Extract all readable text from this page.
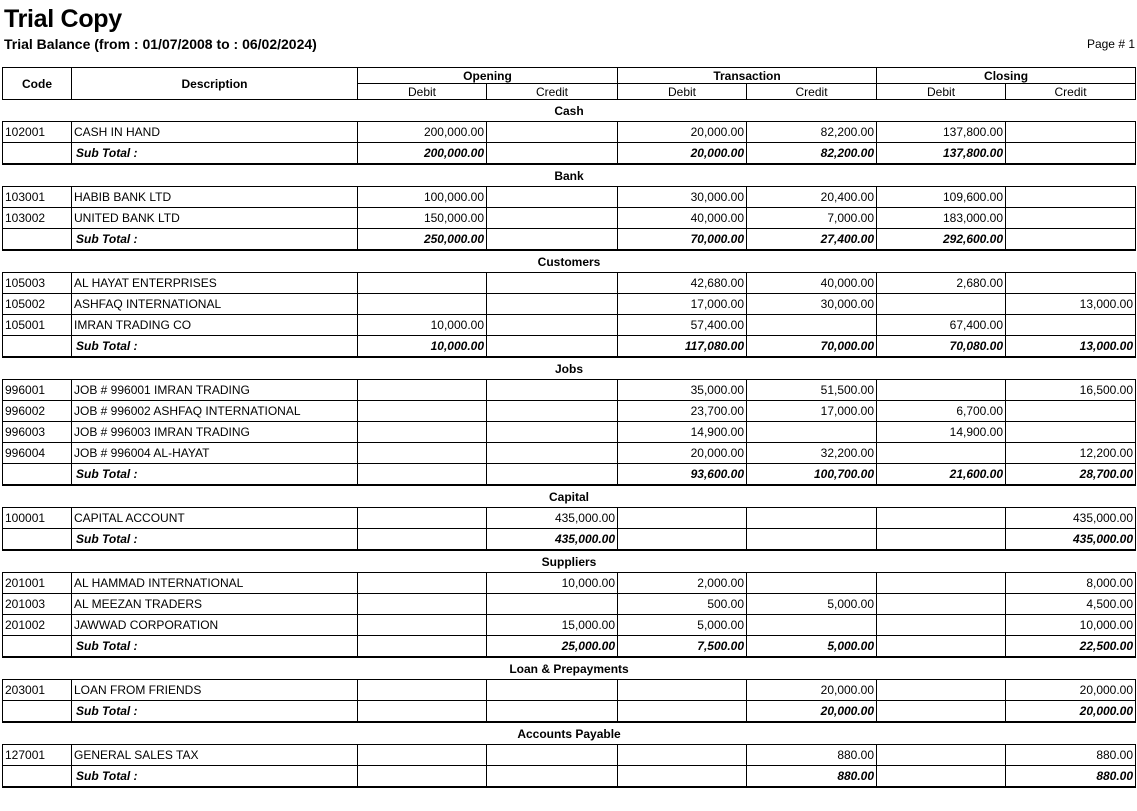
Trial Copy
Trial Balance (from : 01/07/2008 to : 06/02/2024)	Page # 1
Code	Description	Opening		Transaction		Closing	
		Debit	Credit	Debit	Credit	Debit	Credit
Cash							
102001	CASH IN HAND	200,000.00		20,000.00	82,200.00	137,800.00	
	Sub Total :	200,000.00		20,000.00	82,200.00	137,800.00	
Bank							
103001	HABIB BANK LTD	100,000.00		30,000.00	20,400.00	109,600.00	
103002	UNITED BANK LTD	150,000.00		40,000.00	7,000.00	183,000.00	
	Sub Total :	250,000.00		70,000.00	27,400.00	292,600.00	
Customers							
105003	AL HAYAT ENTERPRISES			42,680.00	40,000.00	2,680.00	
105002	ASHFAQ INTERNATIONAL			17,000.00	30,000.00		13,000.00
105001	IMRAN TRADING CO	10,000.00		57,400.00		67,400.00	
	Sub Total :	10,000.00		117,080.00	70,000.00	70,080.00	13,000.00
Jobs							
996001	JOB # 996001 IMRAN TRADING			35,000.00	51,500.00		16,500.00
996002	JOB # 996002 ASHFAQ INTERNATIONAL			23,700.00	17,000.00	6,700.00	
996003	JOB # 996003 IMRAN TRADING			14,900.00		14,900.00	
996004	JOB # 996004 AL-HAYAT			20,000.00	32,200.00		12,200.00
	Sub Total :			93,600.00	100,700.00	21,600.00	28,700.00
Capital							
100001	CAPITAL ACCOUNT		435,000.00				435,000.00
	Sub Total :		435,000.00				435,000.00
Suppliers							
201001	AL HAMMAD INTERNATIONAL		10,000.00	2,000.00			8,000.00
201003	AL MEEZAN TRADERS			500.00	5,000.00		4,500.00
201002	JAWWAD CORPORATION		15,000.00	5,000.00			10,000.00
	Sub Total :		25,000.00	7,500.00	5,000.00		22,500.00
Loan & Prepayments							
203001	LOAN FROM FRIENDS				20,000.00		20,000.00
	Sub Total :				20,000.00		20,000.00
Accounts Payable							
127001	GENERAL SALES TAX				880.00		880.00
	Sub Total :				880.00		880.00
